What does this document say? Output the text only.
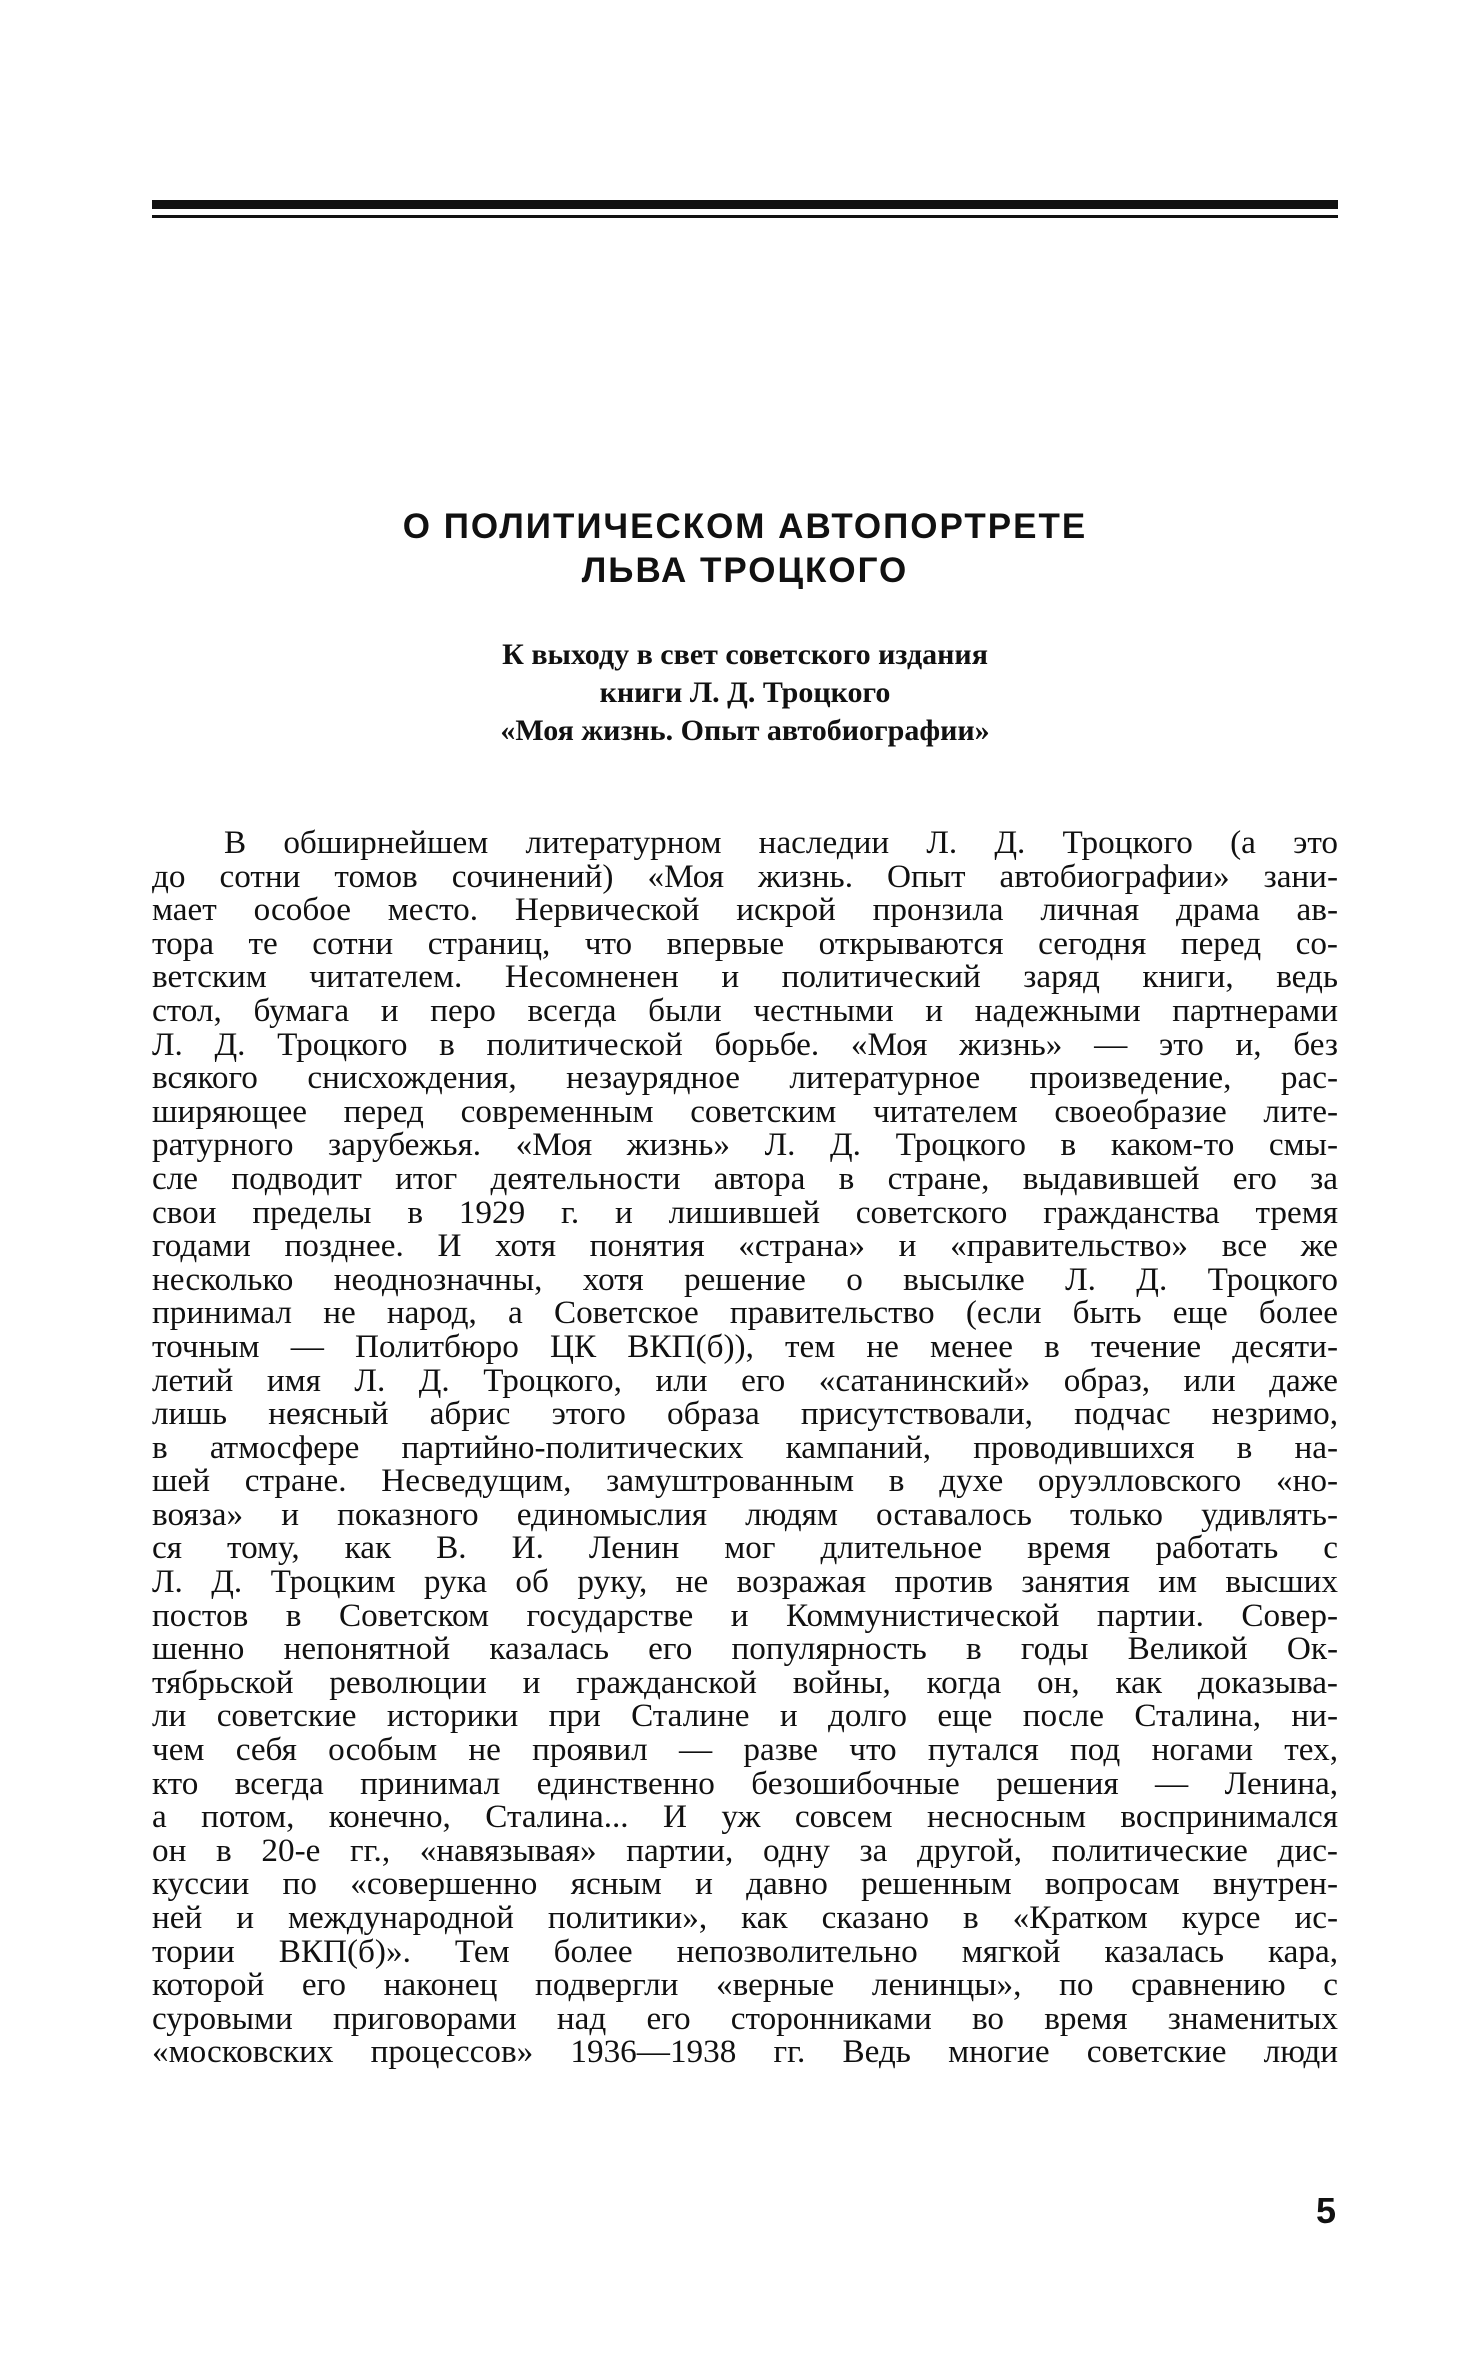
О ПОЛИТИЧЕСКОМ АВТОПОРТРЕТЕ
ЛЬВА ТРОЦКОГО
К выходу в свет советского издания
книги Л. Д. Троцкого
«Моя жизнь. Опыт автобиографии»
В обширнейшем литературном наследии Л. Д. Троцкого (а это
до сотни томов сочинений) «Моя жизнь. Опыт автобиографии» зани-
мает особое место. Нервической искрой пронзила личная драма ав-
тора те сотни страниц, что впервые открываются сегодня перед со-
ветским читателем. Несомненен и политический заряд книги, ведь
стол, бумага и перо всегда были честными и надежными партнерами
Л. Д. Троцкого в политической борьбе. «Моя жизнь» — это и, без
всякого снисхождения, незаурядное литературное произведение, рас-
ширяющее перед современным советским читателем своеобразие лите-
ратурного зарубежья. «Моя жизнь» Л. Д. Троцкого в каком-то смы-
сле подводит итог деятельности автора в стране, выдавившей его за
свои пределы в 1929 г. и лишившей советского гражданства тремя
годами позднее. И хотя понятия «страна» и «правительство» все же
несколько неоднозначны, хотя решение о высылке Л. Д. Троцкого
принимал не народ, а Советское правительство (если быть еще более
точным — Политбюро ЦК ВКП(б)), тем не менее в течение десяти-
летий имя Л. Д. Троцкого, или его «сатанинский» образ, или даже
лишь неясный абрис этого образа присутствовали, подчас незримо,
в атмосфере партийно-политических кампаний, проводившихся в на-
шей стране. Несведущим, замуштрованным в духе оруэлловского «но-
вояза» и показного единомыслия людям оставалось только удивлять-
ся тому, как В. И. Ленин мог длительное время работать с
Л. Д. Троцким рука об руку, не возражая против занятия им высших
постов в Советском государстве и Коммунистической партии. Совер-
шенно непонятной казалась его популярность в годы Великой Ок-
тябрьской революции и гражданской войны, когда он, как доказыва-
ли советские историки при Сталине и долго еще после Сталина, ни-
чем себя особым не проявил — разве что путался под ногами тех,
кто всегда принимал единственно безошибочные решения — Ленина,
а потом, конечно, Сталина... И уж совсем несносным воспринимался
он в 20-е гг., «навязывая» партии, одну за другой, политические дис-
куссии по «совершенно ясным и давно решенным вопросам внутрен-
ней и международной политики», как сказано в «Кратком курсе ис-
тории ВКП(б)». Тем более непозволительно мягкой казалась кара,
которой его наконец подвергли «верные ленинцы», по сравнению с
суровыми приговорами над его сторонниками во время знаменитых
«московских процессов» 1936—1938 гг. Ведь многие советские люди
5
